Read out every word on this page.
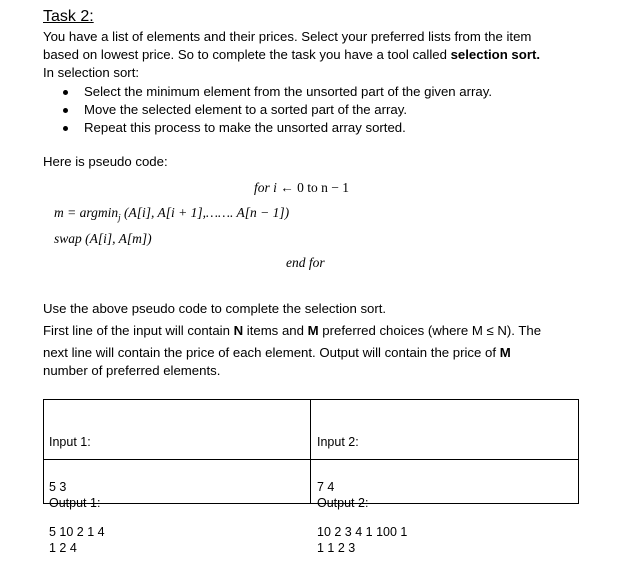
Task 2:
You have a list of elements and their prices. Select your preferred lists from the item
based on lowest price. So to complete the task you have a tool called selection sort.
In selection sort:
Select the minimum element from the unsorted part of the given array.
Move the selected element to a sorted part of the array.
Repeat this process to make the unsorted array sorted.
Here is pseudo code:
for i ← 0 to n − 1
m = argmin$_j$ (A[i], A[i + 1],……. A[n − 1])
swap (A[i], A[m])
end for
Use the above pseudo code to complete the selection sort.
First line of the input will contain N items and M preferred choices (where M ≤ N). The
next line will contain the price of each element. Output will contain the price of M
number of preferred elements.

Input 1:

5 3

5 10 2 1 4

Input 2:

7 4

10 2 3 4 1 100 1

Output 1:

1 2 4

Output 2:

1 1 2 3
